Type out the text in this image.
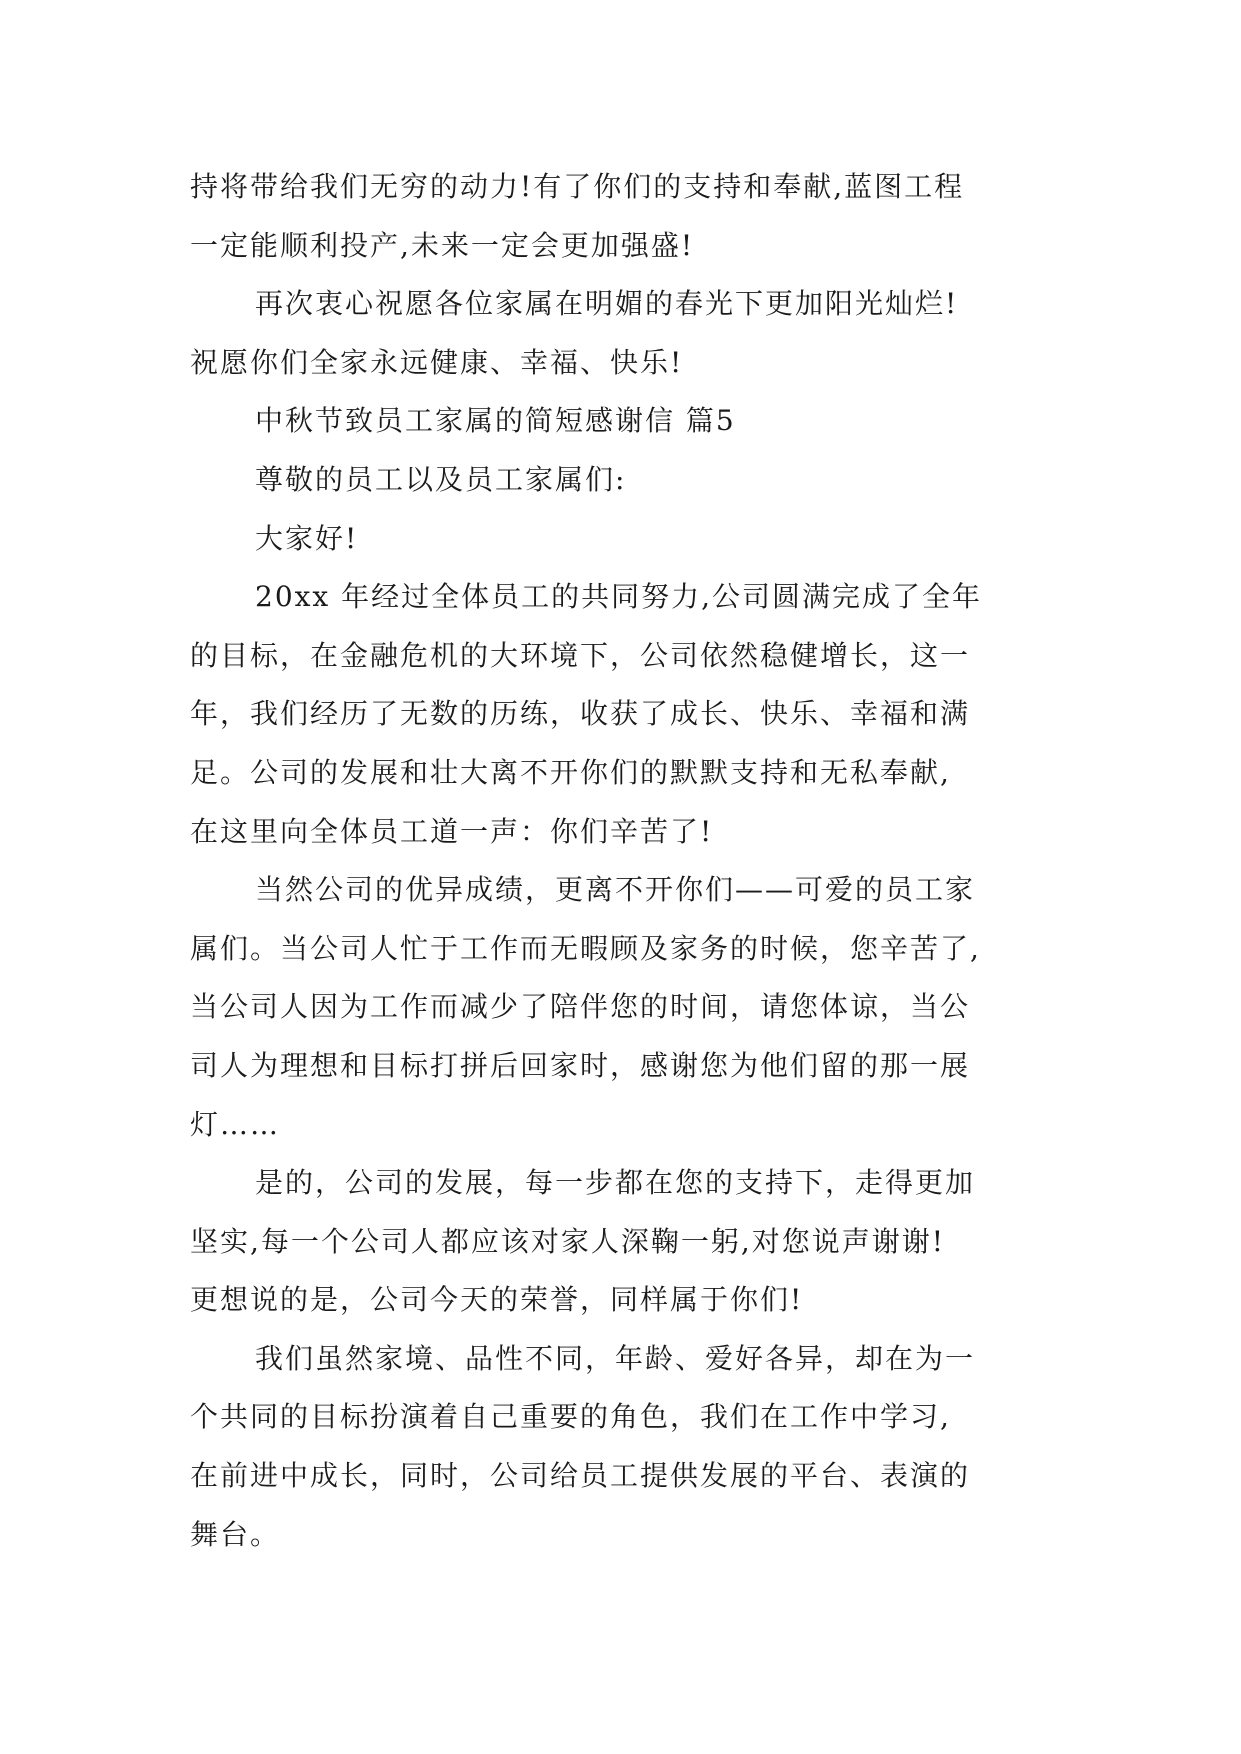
持将带给我们无穷的动力!有了你们的支持和奉献,蓝图工程
一定能顺利投产,未来一定会更加强盛!
再次衷心祝愿各位家属在明媚的春光下更加阳光灿烂!
祝愿你们全家永远健康、幸福、快乐!
中秋节致员工家属的简短感谢信 篇5
尊敬的员工以及员工家属们:
大家好!
20xx 年经过全体员工的共同努力,公司圆满完成了全年
的目标，在金融危机的大环境下，公司依然稳健增长，这一
年，我们经历了无数的历练，收获了成长、快乐、幸福和满
足。公司的发展和壮大离不开你们的默默支持和无私奉献,
在这里向全体员工道一声：你们辛苦了!
当然公司的优异成绩，更离不开你们——可爱的员工家
属们。当公司人忙于工作而无暇顾及家务的时候，您辛苦了,
当公司人因为工作而减少了陪伴您的时间，请您体谅，当公
司人为理想和目标打拼后回家时，感谢您为他们留的那一展
灯……
是的，公司的发展，每一步都在您的支持下，走得更加
坚实,每一个公司人都应该对家人深鞠一躬,对您说声谢谢!
更想说的是，公司今天的荣誉，同样属于你们!
我们虽然家境、品性不同，年龄、爱好各异，却在为一
个共同的目标扮演着自己重要的角色，我们在工作中学习,
在前进中成长，同时，公司给员工提供发展的平台、表演的
舞台。
